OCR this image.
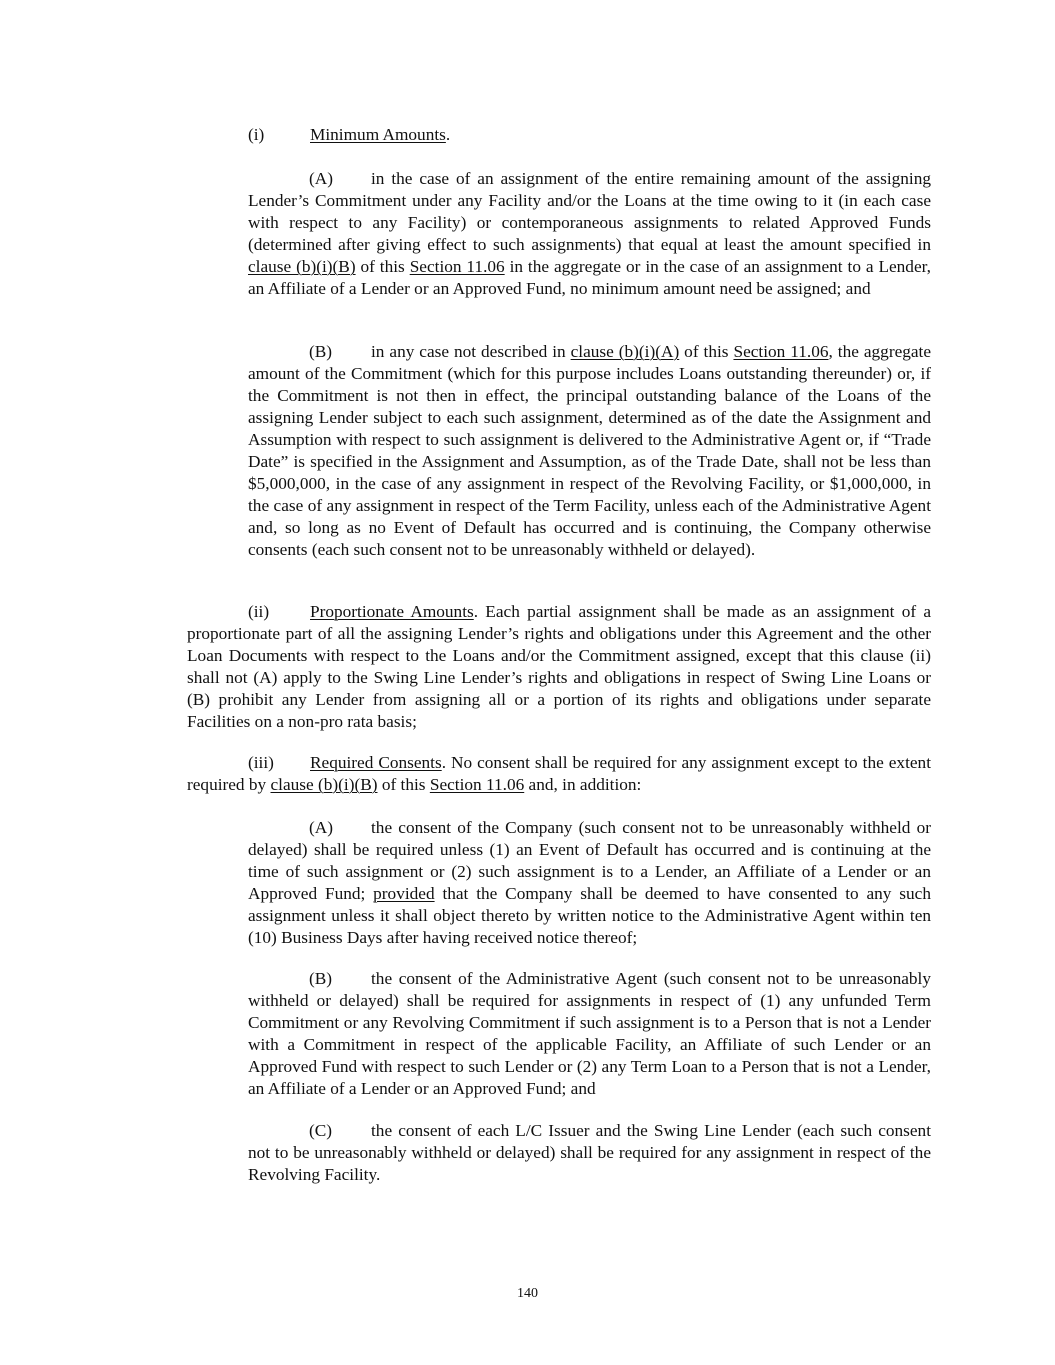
(i)	Minimum Amounts.

(A) in the case of an assignment of the entire remaining amount of the assigning Lender’s Commitment under any Facility and/or the Loans at the time owing to it (in each case with respect to any Facility) or contemporaneous assignments to related Approved Funds (determined after giving effect to such assignments) that equal at least the amount specified in clause (b)(i)(B) of this Section 11.06 in the aggregate or in the case of an assignment to a Lender, an Affiliate of a Lender or an Approved Fund, no minimum amount need be assigned; and

(B) in any case not described in clause (b)(i)(A) of this Section 11.06, the aggregate amount of the Commitment (which for this purpose includes Loans outstanding thereunder) or, if the Commitment is not then in effect, the principal outstanding balance of the Loans of the assigning Lender subject to each such assignment, determined as of the date the Assignment and Assumption with respect to such assignment is delivered to the Administrative Agent or, if “Trade Date” is specified in the Assignment and Assumption, as of the Trade Date, shall not be less than $5,000,000, in the case of any assignment in respect of the Revolving Facility, or $1,000,000, in the case of any assignment in respect of the Term Facility, unless each of the Administrative Agent and, so long as no Event of Default has occurred and is continuing, the Company otherwise consents (each such consent not to be unreasonably withheld or delayed).

(ii) Proportionate Amounts. Each partial assignment shall be made as an assignment of a proportionate part of all the assigning Lender’s rights and obligations under this Agreement and the other Loan Documents with respect to the Loans and/or the Commitment assigned, except that this clause (ii) shall not (A) apply to the Swing Line Lender’s rights and obligations in respect of Swing Line Loans or (B) prohibit any Lender from assigning all or a portion of its rights and obligations under separate Facilities on a non-pro rata basis;

(iii) Required Consents. No consent shall be required for any assignment except to the extent required by clause (b)(i)(B) of this Section 11.06 and, in addition:

(A) the consent of the Company (such consent not to be unreasonably withheld or delayed) shall be required unless (1) an Event of Default has occurred and is continuing at the time of such assignment or (2) such assignment is to a Lender, an Affiliate of a Lender or an Approved Fund; provided that the Company shall be deemed to have consented to any such assignment unless it shall object thereto by written notice to the Administrative Agent within ten (10) Business Days after having received notice thereof;

(B) the consent of the Administrative Agent (such consent not to be unreasonably withheld or delayed) shall be required for assignments in respect of (1) any unfunded Term Commitment or any Revolving Commitment if such assignment is to a Person that is not a Lender with a Commitment in respect of the applicable Facility, an Affiliate of such Lender or an Approved Fund with respect to such Lender or (2) any Term Loan to a Person that is not a Lender, an Affiliate of a Lender or an Approved Fund; and

(C) the consent of each L/C Issuer and the Swing Line Lender (each such consent not to be unreasonably withheld or delayed) shall be required for any assignment in respect of the Revolving Facility.

140
